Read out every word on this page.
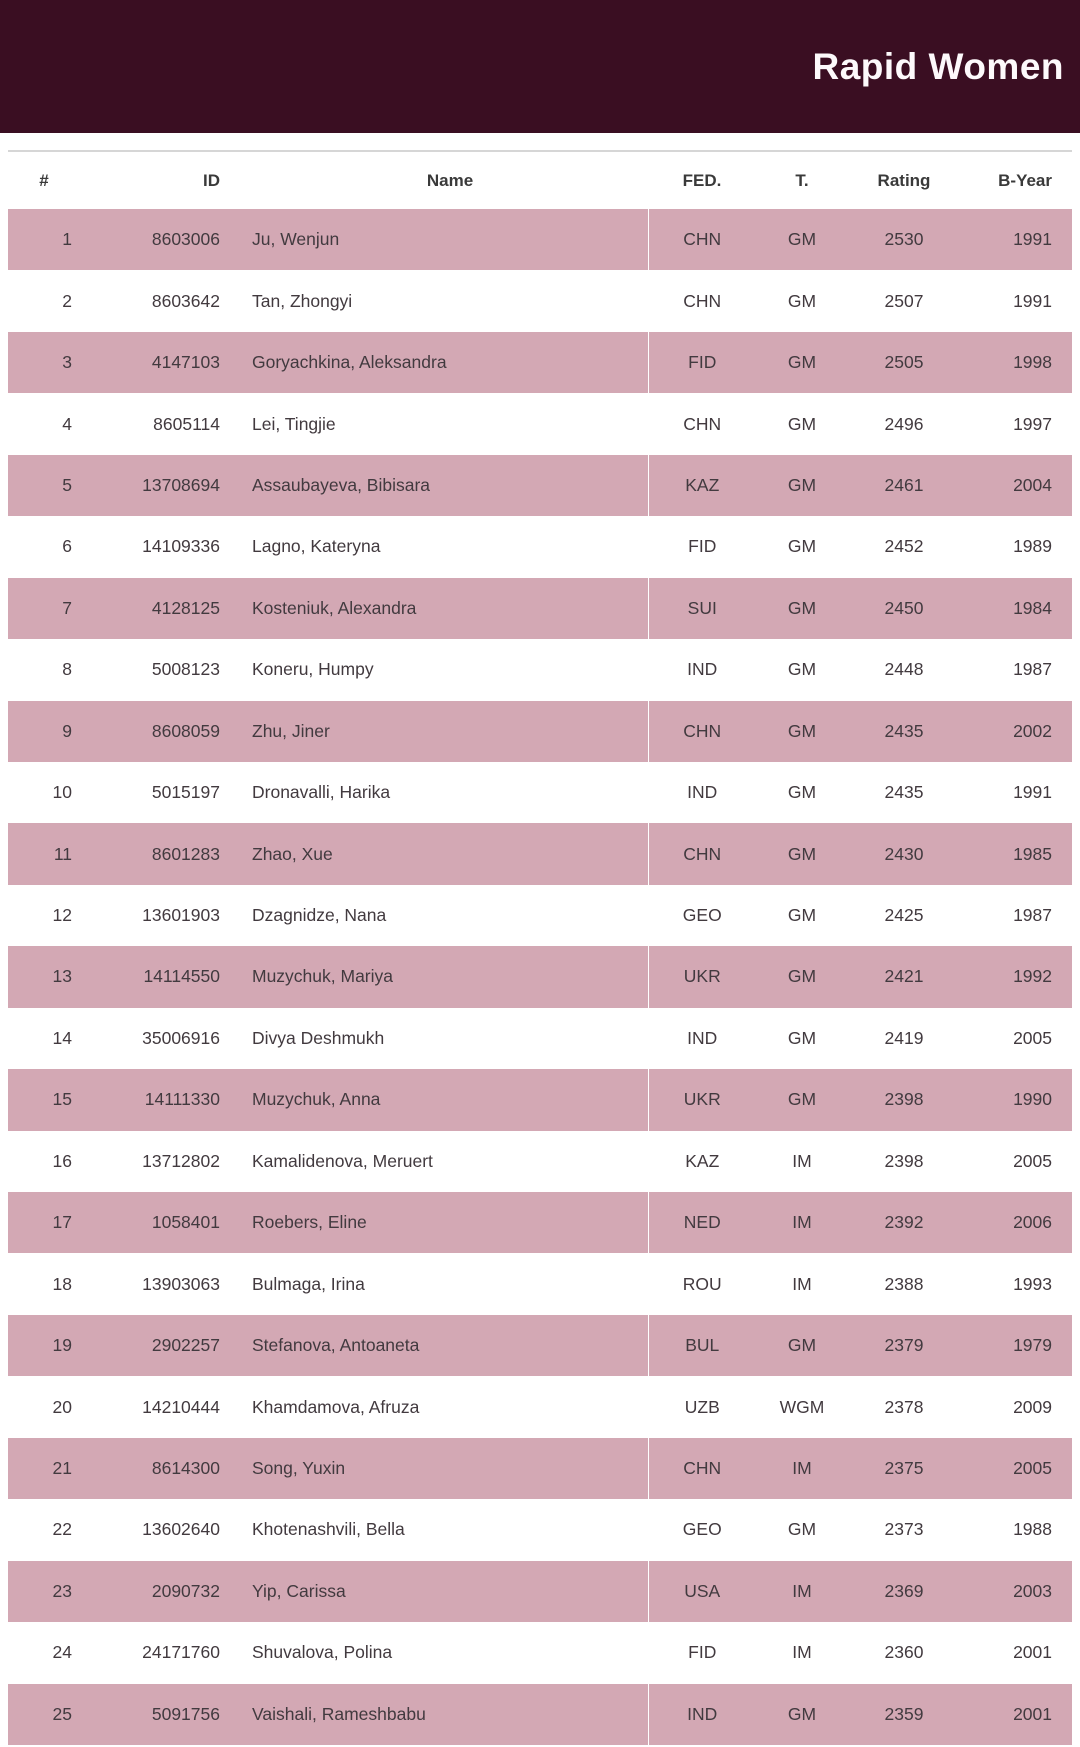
Rapid Women
#	ID	Name	FED.	T.	Rating	B-Year
1	8603006	Ju, Wenjun	CHN	GM	2530	1991
2	8603642	Tan, Zhongyi	CHN	GM	2507	1991
3	4147103	Goryachkina, Aleksandra	FID	GM	2505	1998
4	8605114	Lei, Tingjie	CHN	GM	2496	1997
5	13708694	Assaubayeva, Bibisara	KAZ	GM	2461	2004
6	14109336	Lagno, Kateryna	FID	GM	2452	1989
7	4128125	Kosteniuk, Alexandra	SUI	GM	2450	1984
8	5008123	Koneru, Humpy	IND	GM	2448	1987
9	8608059	Zhu, Jiner	CHN	GM	2435	2002
10	5015197	Dronavalli, Harika	IND	GM	2435	1991
11	8601283	Zhao, Xue	CHN	GM	2430	1985
12	13601903	Dzagnidze, Nana	GEO	GM	2425	1987
13	14114550	Muzychuk, Mariya	UKR	GM	2421	1992
14	35006916	Divya Deshmukh	IND	GM	2419	2005
15	14111330	Muzychuk, Anna	UKR	GM	2398	1990
16	13712802	Kamalidenova, Meruert	KAZ	IM	2398	2005
17	1058401	Roebers, Eline	NED	IM	2392	2006
18	13903063	Bulmaga, Irina	ROU	IM	2388	1993
19	2902257	Stefanova, Antoaneta	BUL	GM	2379	1979
20	14210444	Khamdamova, Afruza	UZB	WGM	2378	2009
21	8614300	Song, Yuxin	CHN	IM	2375	2005
22	13602640	Khotenashvili, Bella	GEO	GM	2373	1988
23	2090732	Yip, Carissa	USA	IM	2369	2003
24	24171760	Shuvalova, Polina	FID	IM	2360	2001
25	5091756	Vaishali, Rameshbabu	IND	GM	2359	2001
